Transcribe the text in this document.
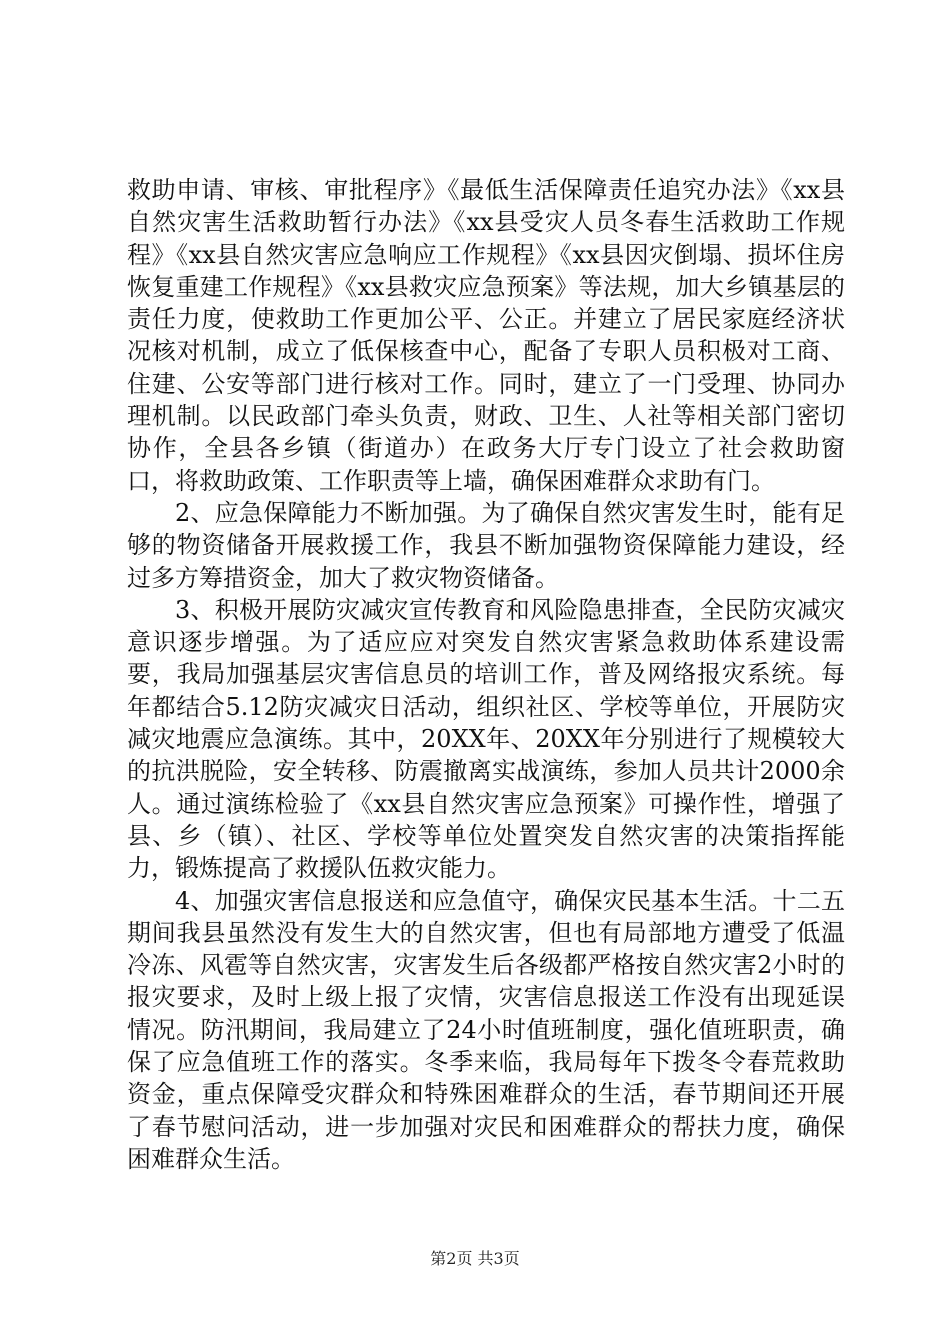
救助申请、审核、审批程序》《最低生活保障责任追究办法》《xx县自然灾害生活救助暂行办法》《xx县受灾人员冬春生活救助工作规程》《xx县自然灾害应急响应工作规程》《xx县因灾倒塌、损坏住房恢复重建工作规程》《xx县救灾应急预案》等法规，加大乡镇基层的责任力度，使救助工作更加公平、公正。并建立了居民家庭经济状况核对机制，成立了低保核查中心，配备了专职人员积极对工商、住建、公安等部门进行核对工作。同时，建立了一门受理、协同办理机制。以民政部门牵头负责，财政、卫生、人社等相关部门密切协作，全县各乡镇（街道办）在政务大厅专门设立了社会救助窗口，将救助政策、工作职责等上墙，确保困难群众求助有门。

2、应急保障能力不断加强。为了确保自然灾害发生时，能有足够的物资储备开展救援工作，我县不断加强物资保障能力建设，经过多方筹措资金，加大了救灾物资储备。

3、积极开展防灾减灾宣传教育和风险隐患排查，全民防灾减灾意识逐步增强。为了适应应对突发自然灾害紧急救助体系建设需要，我局加强基层灾害信息员的培训工作，普及网络报灾系统。每年都结合5.12防灾减灾日活动，组织社区、学校等单位，开展防灾减灾地震应急演练。其中，20XX年、20XX年分别进行了规模较大的抗洪脱险，安全转移、防震撤离实战演练，参加人员共计2000余人。通过演练检验了《xx县自然灾害应急预案》可操作性，增强了县、乡（镇）、社区、学校等单位处置突发自然灾害的决策指挥能力，锻炼提高了救援队伍救灾能力。

4、加强灾害信息报送和应急值守，确保灾民基本生活。十二五期间我县虽然没有发生大的自然灾害，但也有局部地方遭受了低温冷冻、风雹等自然灾害，灾害发生后各级都严格按自然灾害2小时的报灾要求，及时上级上报了灾情，灾害信息报送工作没有出现延误情况。防汛期间，我局建立了24小时值班制度，强化值班职责，确保了应急值班工作的落实。冬季来临，我局每年下拨冬令春荒救助资金，重点保障受灾群众和特殊困难群众的生活，春节期间还开展了春节慰问活动，进一步加强对灾民和困难群众的帮扶力度，确保困难群众生活。

第2页 共3页
